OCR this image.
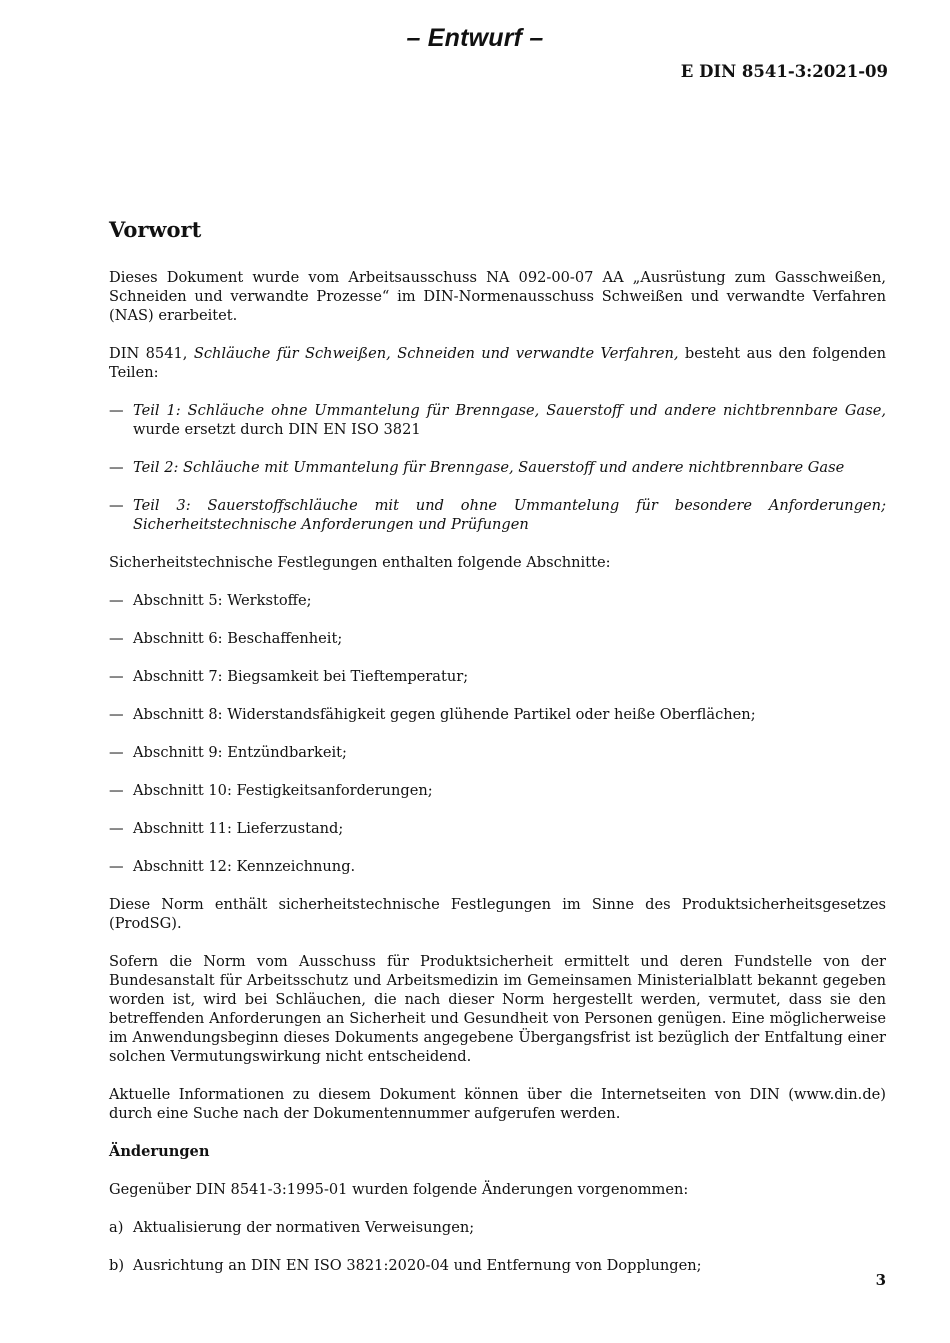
– Entwurf –
E DIN 8541-3:2021-09
Vorwort

Dieses Dokument wurde vom Arbeitsausschuss NA 092-00-07 AA „Ausrüstung zum Gasschweißen, Schneiden und verwandte Prozesse“ im DIN-Normenausschuss Schweißen und verwandte Verfahren (NAS) erarbeitet.

DIN 8541, Schläuche für Schweißen, Schneiden und verwandte Verfahren, besteht aus den folgenden Teilen:

— Teil 1: Schläuche ohne Ummantelung für Brenngase, Sauerstoff und andere nichtbrennbare Gase, wurde ersetzt durch DIN EN ISO 3821
— Teil 2: Schläuche mit Ummantelung für Brenngase, Sauerstoff und andere nichtbrennbare Gase
— Teil 3: Sauerstoffschläuche mit und ohne Ummantelung für besondere Anforderungen; Sicherheitstechnische Anforderungen und Prüfungen

Sicherheitstechnische Festlegungen enthalten folgende Abschnitte:

— Abschnitt 5: Werkstoffe;
— Abschnitt 6: Beschaffenheit;
— Abschnitt 7: Biegsamkeit bei Tieftemperatur;
— Abschnitt 8: Widerstandsfähigkeit gegen glühende Partikel oder heiße Oberflächen;
— Abschnitt 9: Entzündbarkeit;
— Abschnitt 10: Festigkeitsanforderungen;
— Abschnitt 11: Lieferzustand;
— Abschnitt 12: Kennzeichnung.

Diese Norm enthält sicherheitstechnische Festlegungen im Sinne des Produktsicherheitsgesetzes (ProdSG).

Sofern die Norm vom Ausschuss für Produktsicherheit ermittelt und deren Fundstelle von der Bundesanstalt für Arbeitsschutz und Arbeitsmedizin im Gemeinsamen Ministerialblatt bekannt gegeben worden ist, wird bei Schläuchen, die nach dieser Norm hergestellt werden, vermutet, dass sie den betreffenden Anforderungen an Sicherheit und Gesundheit von Personen genügen. Eine möglicherweise im Anwendungsbeginn dieses Dokuments angegebene Übergangsfrist ist bezüglich der Entfaltung einer solchen Vermutungswirkung nicht entscheidend.

Aktuelle Informationen zu diesem Dokument können über die Internetseiten von DIN (www.din.de) durch eine Suche nach der Dokumentennummer aufgerufen werden.

Änderungen

Gegenüber DIN 8541-3:1995-01 wurden folgende Änderungen vorgenommen:

a) Aktualisierung der normativen Verweisungen;
b) Ausrichtung an DIN EN ISO 3821:2020-04 und Entfernung von Dopplungen;
3
